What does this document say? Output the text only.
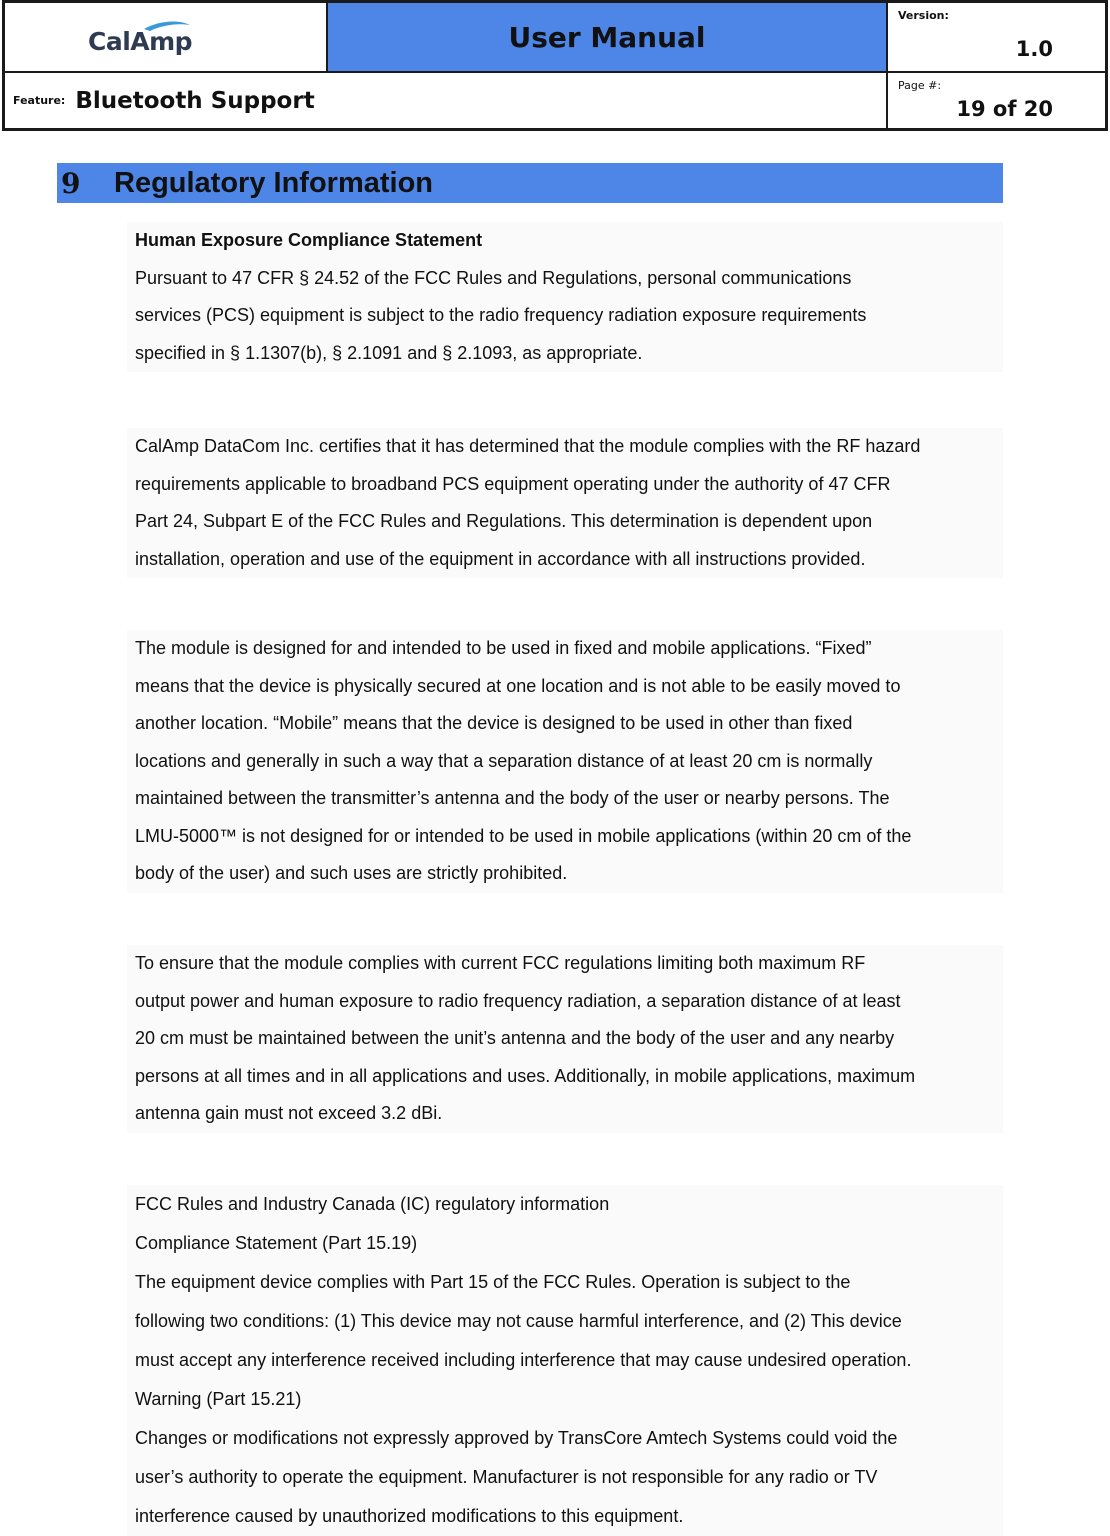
CalAmp	User Manual
Version:
1.0
Feature: Bluetooth Support
Page #:
19 of 20
9	Regulatory Information
Human Exposure Compliance Statement
Pursuant to 47 CFR § 24.52 of the FCC Rules and Regulations, personal communications
services (PCS) equipment is subject to the radio frequency radiation exposure requirements
specified in § 1.1307(b), § 2.1091 and § 2.1093, as appropriate.
CalAmp DataCom Inc. certifies that it has determined that the module complies with the RF hazard
requirements applicable to broadband PCS equipment operating under the authority of 47 CFR
Part 24, Subpart E of the FCC Rules and Regulations. This determination is dependent upon
installation, operation and use of the equipment in accordance with all instructions provided.
The module is designed for and intended to be used in fixed and mobile applications. “Fixed”
means that the device is physically secured at one location and is not able to be easily moved to
another location. “Mobile” means that the device is designed to be used in other than fixed
locations and generally in such a way that a separation distance of at least 20 cm is normally
maintained between the transmitter’s antenna and the body of the user or nearby persons. The
LMU-5000™ is not designed for or intended to be used in mobile applications (within 20 cm of the
body of the user) and such uses are strictly prohibited.
To ensure that the module complies with current FCC regulations limiting both maximum RF
output power and human exposure to radio frequency radiation, a separation distance of at least
20 cm must be maintained between the unit’s antenna and the body of the user and any nearby
persons at all times and in all applications and uses. Additionally, in mobile applications, maximum
antenna gain must not exceed 3.2 dBi.
FCC Rules and Industry Canada (IC) regulatory information
Compliance Statement (Part 15.19)
The equipment device complies with Part 15 of the FCC Rules. Operation is subject to the
following two conditions: (1) This device may not cause harmful interference, and (2) This device
must accept any interference received including interference that may cause undesired operation.
Warning (Part 15.21)
Changes or modifications not expressly approved by TransCore Amtech Systems could void the
user’s authority to operate the equipment. Manufacturer is not responsible for any radio or TV
interference caused by unauthorized modifications to this equipment.
